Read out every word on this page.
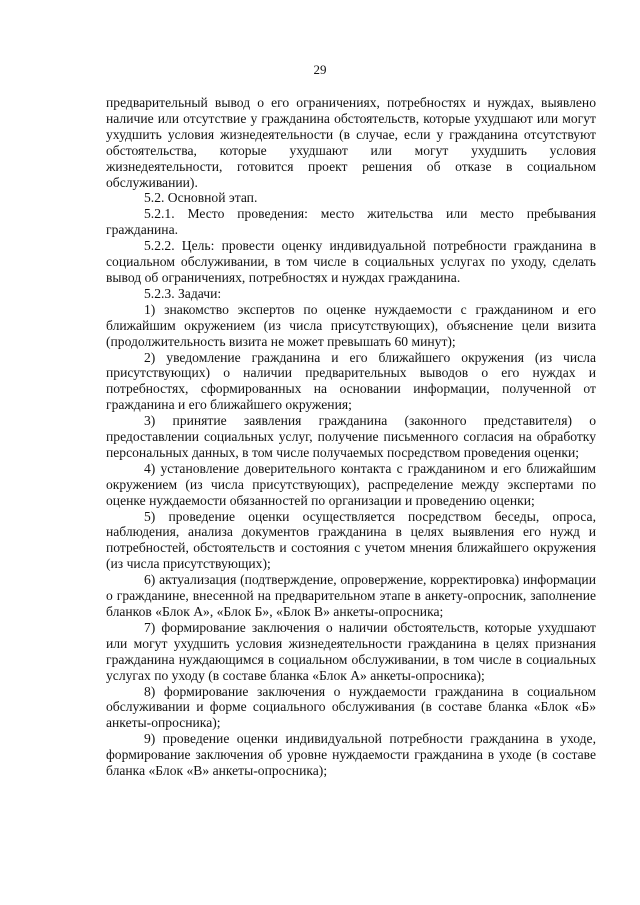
29

предварительный вывод о его ограничениях, потребностях и нуждах, выявлено наличие или отсутствие у гражданина обстоятельств, которые ухудшают или могут ухудшить условия жизнедеятельности (в случае, если у гражданина отсутствуют обстоятельства, которые ухудшают или могут ухудшить условия жизнедеятельности, готовится проект решения об отказе в социальном обслуживании).

5.2. Основной этап.

5.2.1. Место проведения: место жительства или место пребывания гражданина.

5.2.2. Цель: провести оценку индивидуальной потребности гражданина в социальном обслуживании, в том числе в социальных услугах по уходу, сделать вывод об ограничениях, потребностях и нуждах гражданина.

5.2.3. Задачи:

1) знакомство экспертов по оценке нуждаемости с гражданином и его ближайшим окружением (из числа присутствующих), объяснение цели визита (продолжительность визита не может превышать 60 минут);

2) уведомление гражданина и его ближайшего окружения (из числа присутствующих) о наличии предварительных выводов о его нуждах и потребностях, сформированных на основании информации, полученной от гражданина и его ближайшего окружения;

3) принятие заявления гражданина (законного представителя) о предоставлении социальных услуг, получение письменного согласия на обработку персональных данных, в том числе получаемых посредством проведения оценки;

4) установление доверительного контакта с гражданином и его ближайшим окружением (из числа присутствующих), распределение между экспертами по оценке нуждаемости обязанностей по организации и проведению оценки;

5) проведение оценки осуществляется посредством беседы, опроса, наблюдения, анализа документов гражданина в целях выявления его нужд и потребностей, обстоятельств и состояния с учетом мнения ближайшего окружения (из числа присутствующих);

6) актуализация (подтверждение, опровержение, корректировка) информации о гражданине, внесенной на предварительном этапе в анкету-опросник, заполнение бланков «Блок А», «Блок Б», «Блок В» анкеты-опросника;

7) формирование заключения о наличии обстоятельств, которые ухудшают или могут ухудшить условия жизнедеятельности гражданина в целях признания гражданина нуждающимся в социальном обслуживании, в том числе в социальных услугах по уходу (в составе бланка «Блок А» анкеты-опросника);

8) формирование заключения о нуждаемости гражданина в социальном обслуживании и форме социального обслуживания (в составе бланка «Блок «Б» анкеты-опросника);

9) проведение оценки индивидуальной потребности гражданина в уходе, формирование заключения об уровне нуждаемости гражданина в уходе (в составе бланка «Блок «В» анкеты-опросника);
